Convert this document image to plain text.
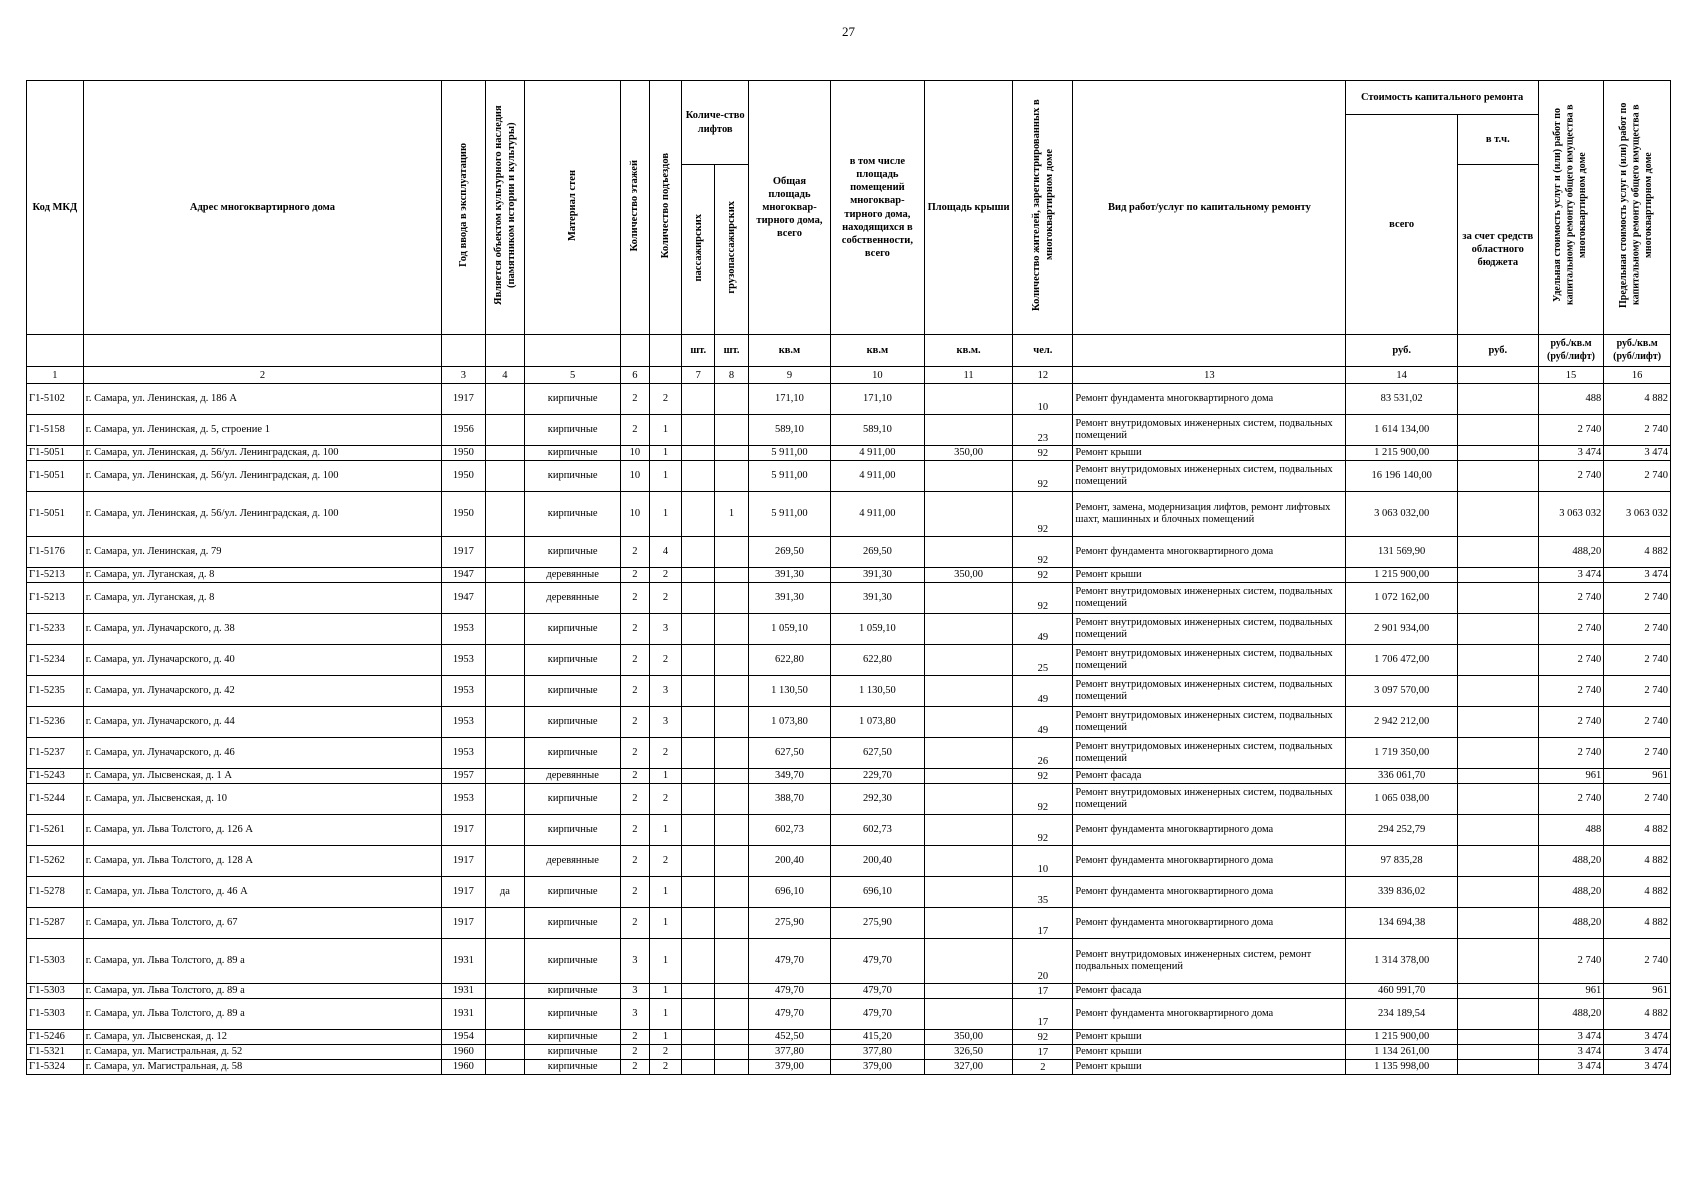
27
Код МКД	Адрес многоквартирного дома	Год ввода в эксплуатацию	Является объектом культурного наследия (памятником истории и культуры)	Материал стен	Количество этажей	Количество подъездов	Количе-ство лифтов		Общая площадь многоквар-тирного дома, всего	в том числе площадь помещений многоквар-тирного дома, находящихся в собственности, всего	Площадь крыши	Количество жителей, зарегистрированных в многоквартирном доме	Вид работ/услуг по капитальному ремонту	Стоимость капитального ремонта		Удельная стоимость услуг и (или) работ по капитальному ремонту общего имущества в многоквартирном доме	Предельная стоимость услуг и (или) работ по капитальному ремонту общего имущества в многоквартирном доме
														всего	в т.ч.		
							пассажирских	грузопассажирских							за счет средств областного бюджета		
							шт.	шт.	кв.м	кв.м	кв.м.	чел.		руб.	руб.	руб./кв.м (руб/лифт)	руб./кв.м (руб/лифт)
1	2	3	4	5	6		7	8	9	10	11	12	13	14		15	16
Г1-5102	г. Самара, ул. Ленинская, д. 186 А	1917		кирпичные	2	2			171,10	171,10		10	Ремонт фундамента многоквартирного дома	83 531,02		488	4 882
Г1-5158	г. Самара, ул. Ленинская, д. 5, строение 1	1956		кирпичные	2	1			589,10	589,10		23	Ремонт внутридомовых инженерных систем, подвальных помещений	1 614 134,00		2 740	2 740
Г1-5051	г. Самара, ул. Ленинская, д. 56/ул. Ленинградская, д. 100	1950		кирпичные	10	1			5 911,00	4 911,00	350,00	92	Ремонт крыши	1 215 900,00		3 474	3 474
Г1-5051	г. Самара, ул. Ленинская, д. 56/ул. Ленинградская, д. 100	1950		кирпичные	10	1			5 911,00	4 911,00		92	Ремонт внутридомовых инженерных систем, подвальных помещений	16 196 140,00		2 740	2 740
Г1-5051	г. Самара, ул. Ленинская, д. 56/ул. Ленинградская, д. 100	1950		кирпичные	10	1		1	5 911,00	4 911,00		92	Ремонт, замена, модернизация лифтов, ремонт лифтовых шахт, машинных и блочных помещений	3 063 032,00		3 063 032	3 063 032
Г1-5176	г. Самара, ул. Ленинская, д. 79	1917		кирпичные	2	4			269,50	269,50		92	Ремонт фундамента многоквартирного дома	131 569,90		488,20	4 882
Г1-5213	г. Самара, ул. Луганская, д. 8	1947		деревянные	2	2			391,30	391,30	350,00	92	Ремонт крыши	1 215 900,00		3 474	3 474
Г1-5213	г. Самара, ул. Луганская, д. 8	1947		деревянные	2	2			391,30	391,30		92	Ремонт внутридомовых инженерных систем, подвальных помещений	1 072 162,00		2 740	2 740
Г1-5233	г. Самара, ул. Луначарского, д. 38	1953		кирпичные	2	3			1 059,10	1 059,10		49	Ремонт внутридомовых инженерных систем, подвальных помещений	2 901 934,00		2 740	2 740
Г1-5234	г. Самара, ул. Луначарского, д. 40	1953		кирпичные	2	2			622,80	622,80		25	Ремонт внутридомовых инженерных систем, подвальных помещений	1 706 472,00		2 740	2 740
Г1-5235	г. Самара, ул. Луначарского, д. 42	1953		кирпичные	2	3			1 130,50	1 130,50		49	Ремонт внутридомовых инженерных систем, подвальных помещений	3 097 570,00		2 740	2 740
Г1-5236	г. Самара, ул. Луначарского, д. 44	1953		кирпичные	2	3			1 073,80	1 073,80		49	Ремонт внутридомовых инженерных систем, подвальных помещений	2 942 212,00		2 740	2 740
Г1-5237	г. Самара, ул. Луначарского, д. 46	1953		кирпичные	2	2			627,50	627,50		26	Ремонт внутридомовых инженерных систем, подвальных помещений	1 719 350,00		2 740	2 740
Г1-5243	г. Самара, ул. Лысвенская, д. 1 А	1957		деревянные	2	1			349,70	229,70		92	Ремонт фасада	336 061,70		961	961
Г1-5244	г. Самара, ул. Лысвенская, д. 10	1953		кирпичные	2	2			388,70	292,30		92	Ремонт внутридомовых инженерных систем, подвальных помещений	1 065 038,00		2 740	2 740
Г1-5261	г. Самара, ул. Льва Толстого, д. 126 А	1917		кирпичные	2	1			602,73	602,73		92	Ремонт фундамента многоквартирного дома	294 252,79		488	4 882
Г1-5262	г. Самара, ул. Льва Толстого, д. 128 А	1917		деревянные	2	2			200,40	200,40		10	Ремонт фундамента многоквартирного дома	97 835,28		488,20	4 882
Г1-5278	г. Самара, ул. Льва Толстого, д. 46 А	1917	да	кирпичные	2	1			696,10	696,10		35	Ремонт фундамента многоквартирного дома	339 836,02		488,20	4 882
Г1-5287	г. Самара, ул. Льва Толстого, д. 67	1917		кирпичные	2	1			275,90	275,90		17	Ремонт фундамента многоквартирного дома	134 694,38		488,20	4 882
Г1-5303	г. Самара, ул. Льва Толстого, д. 89 а	1931		кирпичные	3	1			479,70	479,70		20	Ремонт внутридомовых инженерных систем, ремонт подвальных помещений	1 314 378,00		2 740	2 740
Г1-5303	г. Самара, ул. Льва Толстого, д. 89 а	1931		кирпичные	3	1			479,70	479,70		17	Ремонт фасада	460 991,70		961	961
Г1-5303	г. Самара, ул. Льва Толстого, д. 89 а	1931		кирпичные	3	1			479,70	479,70		17	Ремонт фундамента многоквартирного дома	234 189,54		488,20	4 882
Г1-5246	г. Самара, ул. Лысвенская, д. 12	1954		кирпичные	2	1			452,50	415,20	350,00	92	Ремонт крыши	1 215 900,00		3 474	3 474
Г1-5321	г. Самара, ул. Магистральная, д. 52	1960		кирпичные	2	2			377,80	377,80	326,50	17	Ремонт крыши	1 134 261,00		3 474	3 474
Г1-5324	г. Самара, ул. Магистральная, д. 58	1960		кирпичные	2	2			379,00	379,00	327,00	2	Ремонт крыши	1 135 998,00		3 474	3 474
